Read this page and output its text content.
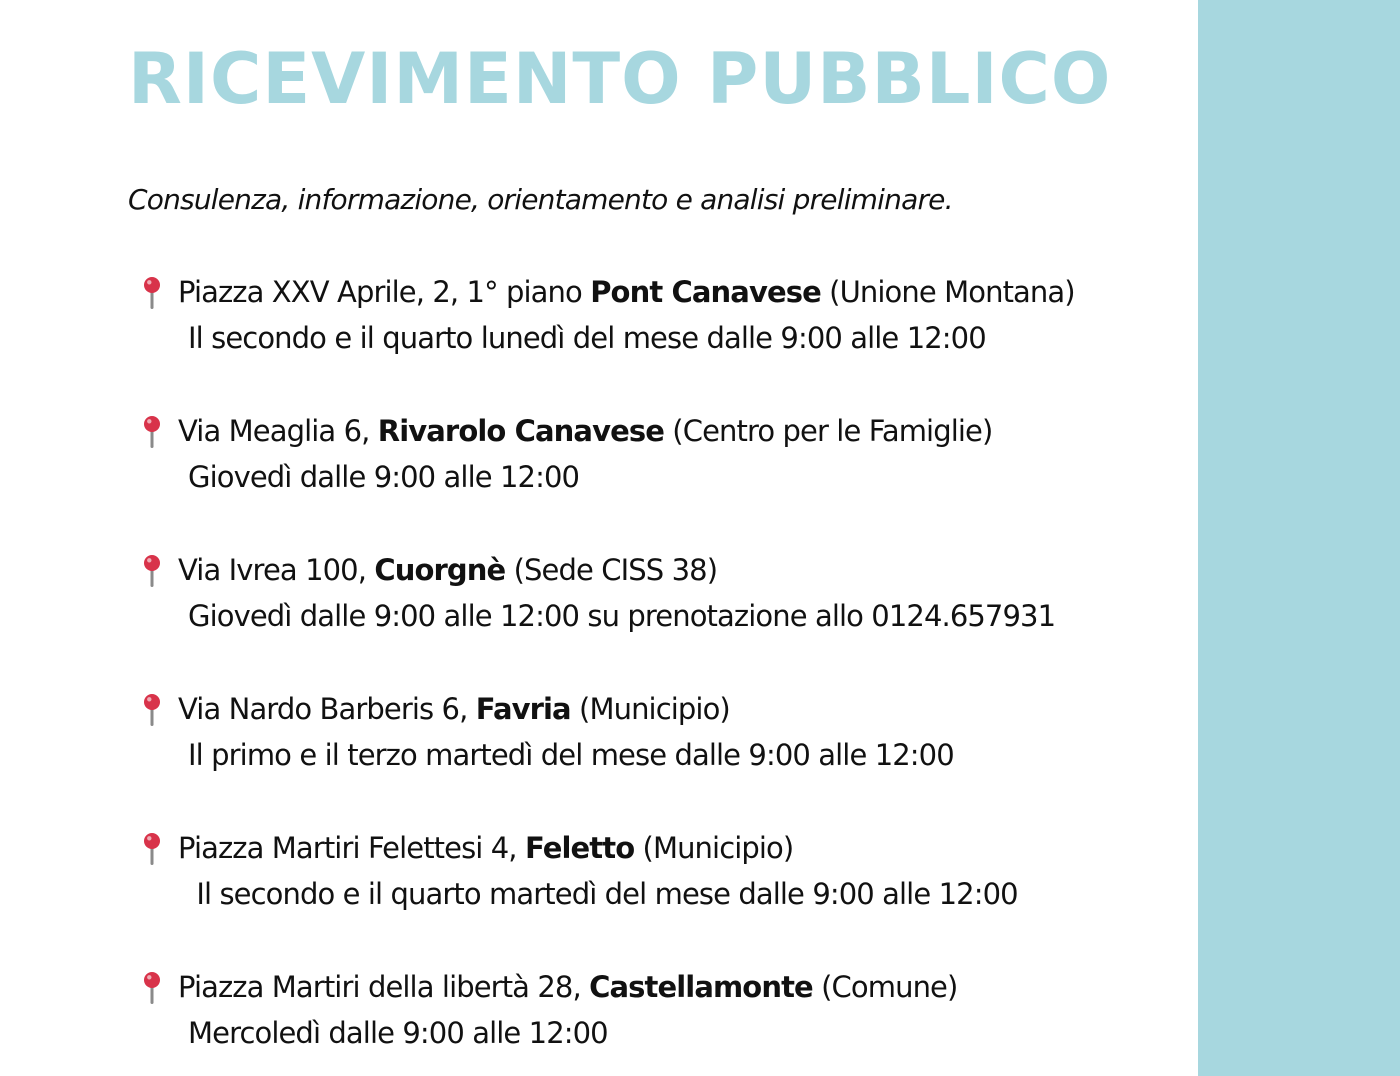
RICEVIMENTO PUBBLICO

Consulenza, informazione, orientamento e analisi preliminare.

Piazza XXV Aprile, 2, 1° piano Pont Canavese (Unione Montana)
Il secondo e il quarto lunedì del mese dalle 9:00 alle 12:00
Via Meaglia 6, Rivarolo Canavese (Centro per le Famiglie)
Giovedì dalle 9:00 alle 12:00
Via Ivrea 100, Cuorgnè (Sede CISS 38)
Giovedì dalle 9:00 alle 12:00 su prenotazione allo 0124.657931
Via Nardo Barberis 6, Favria (Municipio)
Il primo e il terzo martedì del mese dalle 9:00 alle 12:00
Piazza Martiri Felettesi 4, Feletto (Municipio)
Il secondo e il quarto martedì del mese dalle 9:00 alle 12:00
Piazza Martiri della libertà 28, Castellamonte (Comune)
Mercoledì dalle 9:00 alle 12:00
